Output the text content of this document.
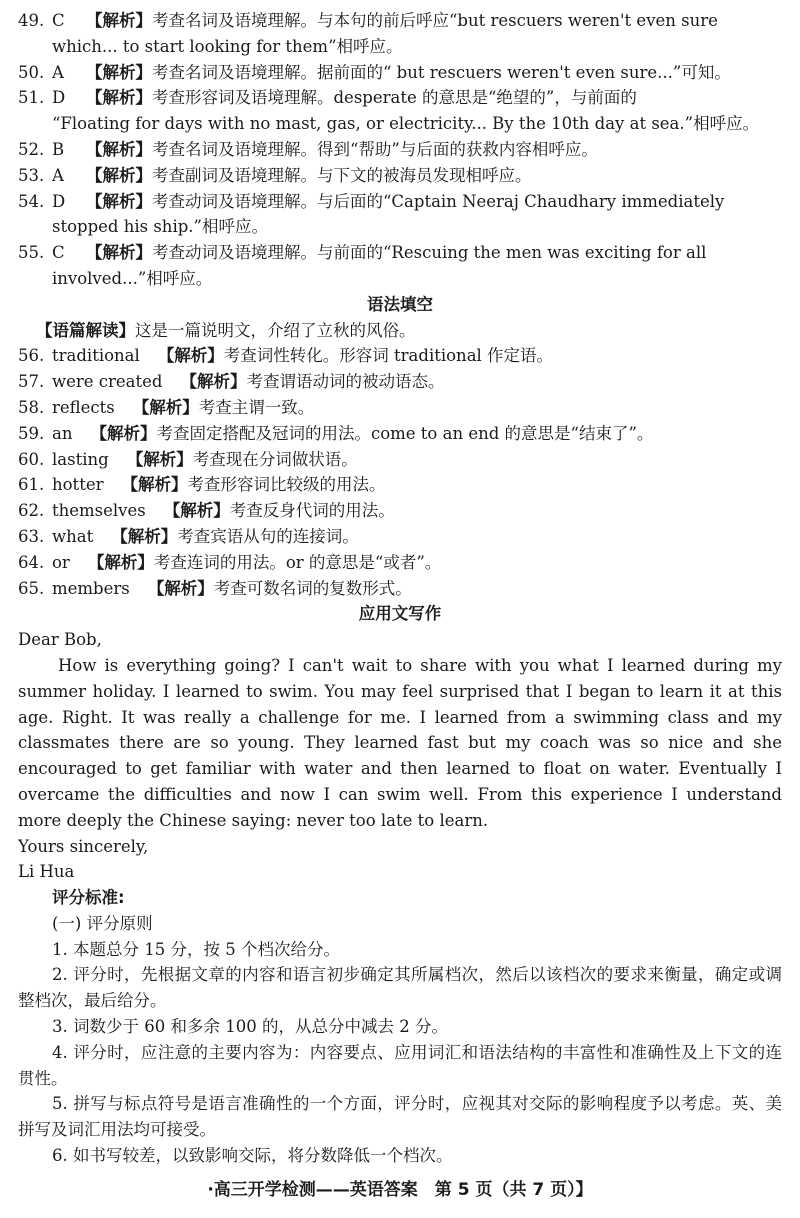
49. C	【解析】考查名词及语境理解。与本句的前后呼应“but rescuers weren't even sure
which... to start looking for them”相呼应。
50. A	【解析】考查名词及语境理解。据前面的“ but rescuers weren't even sure...”可知。
51. D	【解析】考查形容词及语境理解。desperate 的意思是“绝望的”，与前面的
“Floating for days with no mast, gas, or electricity... By the 10th day at sea.”相呼应。
52. B	【解析】考查名词及语境理解。得到“帮助”与后面的获救内容相呼应。
53. A	【解析】考查副词及语境理解。与下文的被海员发现相呼应。
54. D	【解析】考查动词及语境理解。与后面的“Captain Neeraj Chaudhary immediately
stopped his ship.”相呼应。
55. C	【解析】考查动词及语境理解。与前面的“Rescuing the men was exciting for all
involved...”相呼应。
语法填空
【语篇解读】这是一篇说明文，介绍了立秋的风俗。
56. traditional 【解析】 考查词性转化。形容词 traditional 作定语。
57. were created 【解析】 考查谓语动词的被动语态。
58. reflects 【解析】 考查主谓一致。
59. an 【解析】 考查固定搭配及冠词的用法。come to an end 的意思是“结束了”。
60. lasting 【解析】 考查现在分词做状语。
61. hotter 【解析】 考查形容词比较级的用法。
62. themselves 【解析】 考查反身代词的用法。
63. what 【解析】 考查宾语从句的连接词。
64. or 【解析】 考查连词的用法。or 的意思是“或者”。
65. members 【解析】 考查可数名词的复数形式。
应用文写作

Dear Bob,

How is everything going? I can't wait to share with you what I learned during my summer holiday. I learned to swim. You may feel surprised that I began to learn it at this age. Right. It was really a challenge for me. I learned from a swimming class and my classmates there are so young. They learned fast but my coach was so nice and she encouraged to get familiar with water and then learned to float on water. Eventually I overcame the difficulties and now I can swim well. From this experience I understand more deeply the Chinese saying: never too late to learn.

Yours sincerely,

Li Hua

评分标准:

(一) 评分原则

1. 本题总分 15 分，按 5 个档次给分。

2. 评分时，先根据文章的内容和语言初步确定其所属档次，然后以该档次的要求来衡量，确定或调整档次，最后给分。

3. 词数少于 60 和多余 100 的，从总分中减去 2 分。

4. 评分时，应注意的主要内容为：内容要点、应用词汇和语法结构的丰富性和准确性及上下文的连贯性。

5. 拼写与标点符号是语言准确性的一个方面，评分时，应视其对交际的影响程度予以考虑。英、美拼写及词汇用法均可接受。

6. 如书写较差，以致影响交际，将分数降低一个档次。

·高三开学检测——英语答案　第 5 页（共 7 页）】
